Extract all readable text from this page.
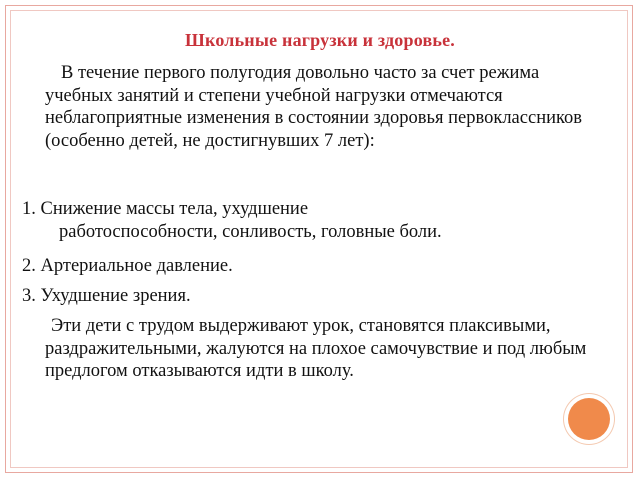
Школьные нагрузки и здоровье.
В течение первого полугодия довольно часто за счет режима учебных занятий и степени учебной нагрузки отмечаются неблагоприятные изменения в состоянии здоровья первоклассников (особенно детей, не достигнувших 7 лет):
1. Снижение массы тела, ухудшение
работоспособности, сонливость, головные боли.
2. Артериальное давление.
3. Ухудшение зрения.
Эти дети с трудом выдерживают урок, становятся плаксивыми, раздражительными, жалуются на плохое самочувствие и под любым предлогом отказываются идти в школу.
